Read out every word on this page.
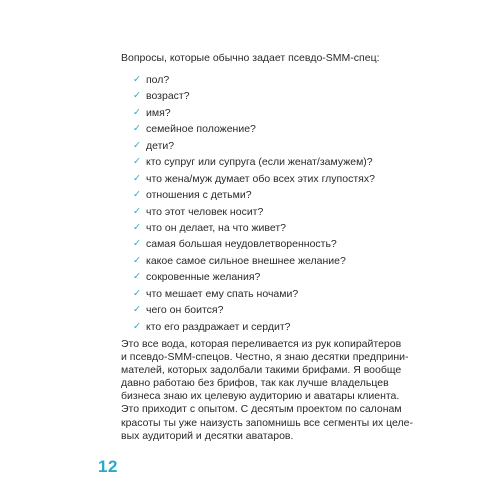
Вопросы, которые обычно задает псевдо-SMM-спец:
✓ пол?
✓ возраст?
✓ имя?
✓ семейное положение?
✓ дети?
✓ кто супруг или супруга (если женат/замужем)?
✓ что жена/муж думает обо всех этих глупостях?
✓ отношения с детьми?
✓ что этот человек носит?
✓ что он делает, на что живет?
✓ самая большая неудовлетворенность?
✓ какое самое сильное внешнее желание?
✓ сокровенные желания?
✓ что мешает ему спать ночами?
✓ чего он боится?
✓ кто его раздражает и сердит?

Это все вода, которая переливается из рук копирайтеров
и псевдо-SMM-спецов. Честно, я знаю десятки предприни-
мателей, которых задолбали такими брифами. Я вообще
давно работаю без брифов, так как лучше владельцев
бизнеса знаю их целевую аудиторию и аватары клиента.
Это приходит с опытом. С десятым проектом по салонам
красоты ты уже наизусть запомнишь все сегменты их целе-
вых аудиторий и десятки аватаров.

12
